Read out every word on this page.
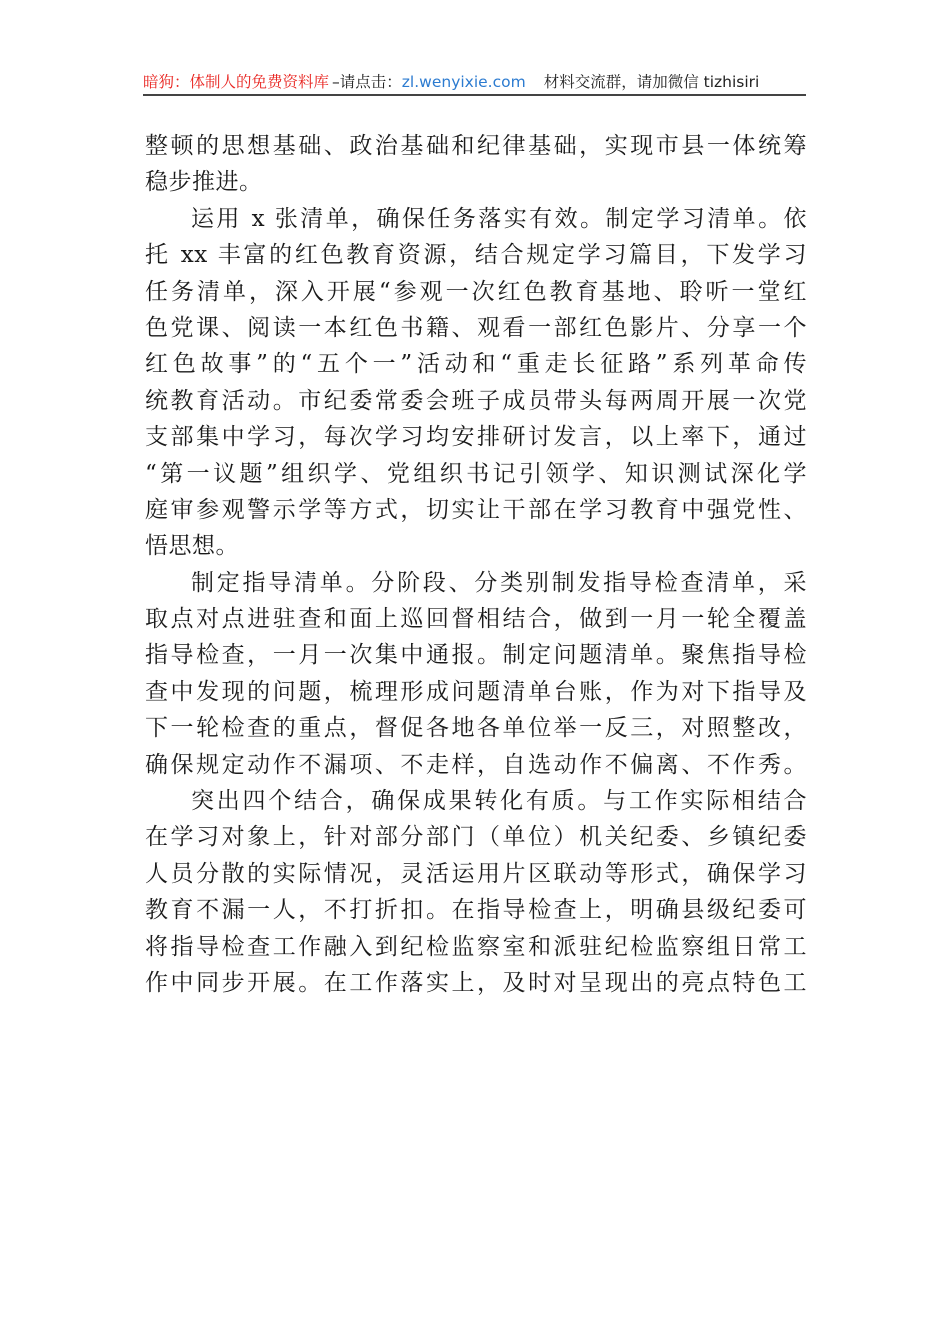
暗狗：体制人的免费资料库 –请点击： zl.wenyixie.com 材料交流群，请加微信 tizhisiri
整顿的思想基础、政治基础和纪律基础，实现市县一体统筹
稳步推进。
运用 x 张清单，确保任务落实有效。制定学习清单。依
托 xx 丰富的红色教育资源，结合规定学习篇目，下发学习
任务清单，深入开展“参观一次红色教育基地、聆听一堂红
色党课、阅读一本红色书籍、观看一部红色影片、分享一个
红色故事”的“五个一”活动和“重走长征路”系列革命传
统教育活动。市纪委常委会班子成员带头每两周开展一次党
支部集中学习，每次学习均安排研讨发言，以上率下，通过
“第一议题”组织学、党组织书记引领学、知识测试深化学
庭审参观警示学等方式，切实让干部在学习教育中强党性、
悟思想。
制定指导清单。分阶段、分类别制发指导检查清单，采
取点对点进驻查和面上巡回督相结合，做到一月一轮全覆盖
指导检查，一月一次集中通报。制定问题清单。聚焦指导检
查中发现的问题，梳理形成问题清单台账，作为对下指导及
下一轮检查的重点，督促各地各单位举一反三，对照整改，
确保规定动作不漏项、不走样，自选动作不偏离、不作秀。
突出四个结合，确保成果转化有质。与工作实际相结合
在学习对象上，针对部分部门（单位）机关纪委、乡镇纪委
人员分散的实际情况，灵活运用片区联动等形式，确保学习
教育不漏一人，不打折扣。在指导检查上，明确县级纪委可
将指导检查工作融入到纪检监察室和派驻纪检监察组日常工
作中同步开展。在工作落实上，及时对呈现出的亮点特色工
